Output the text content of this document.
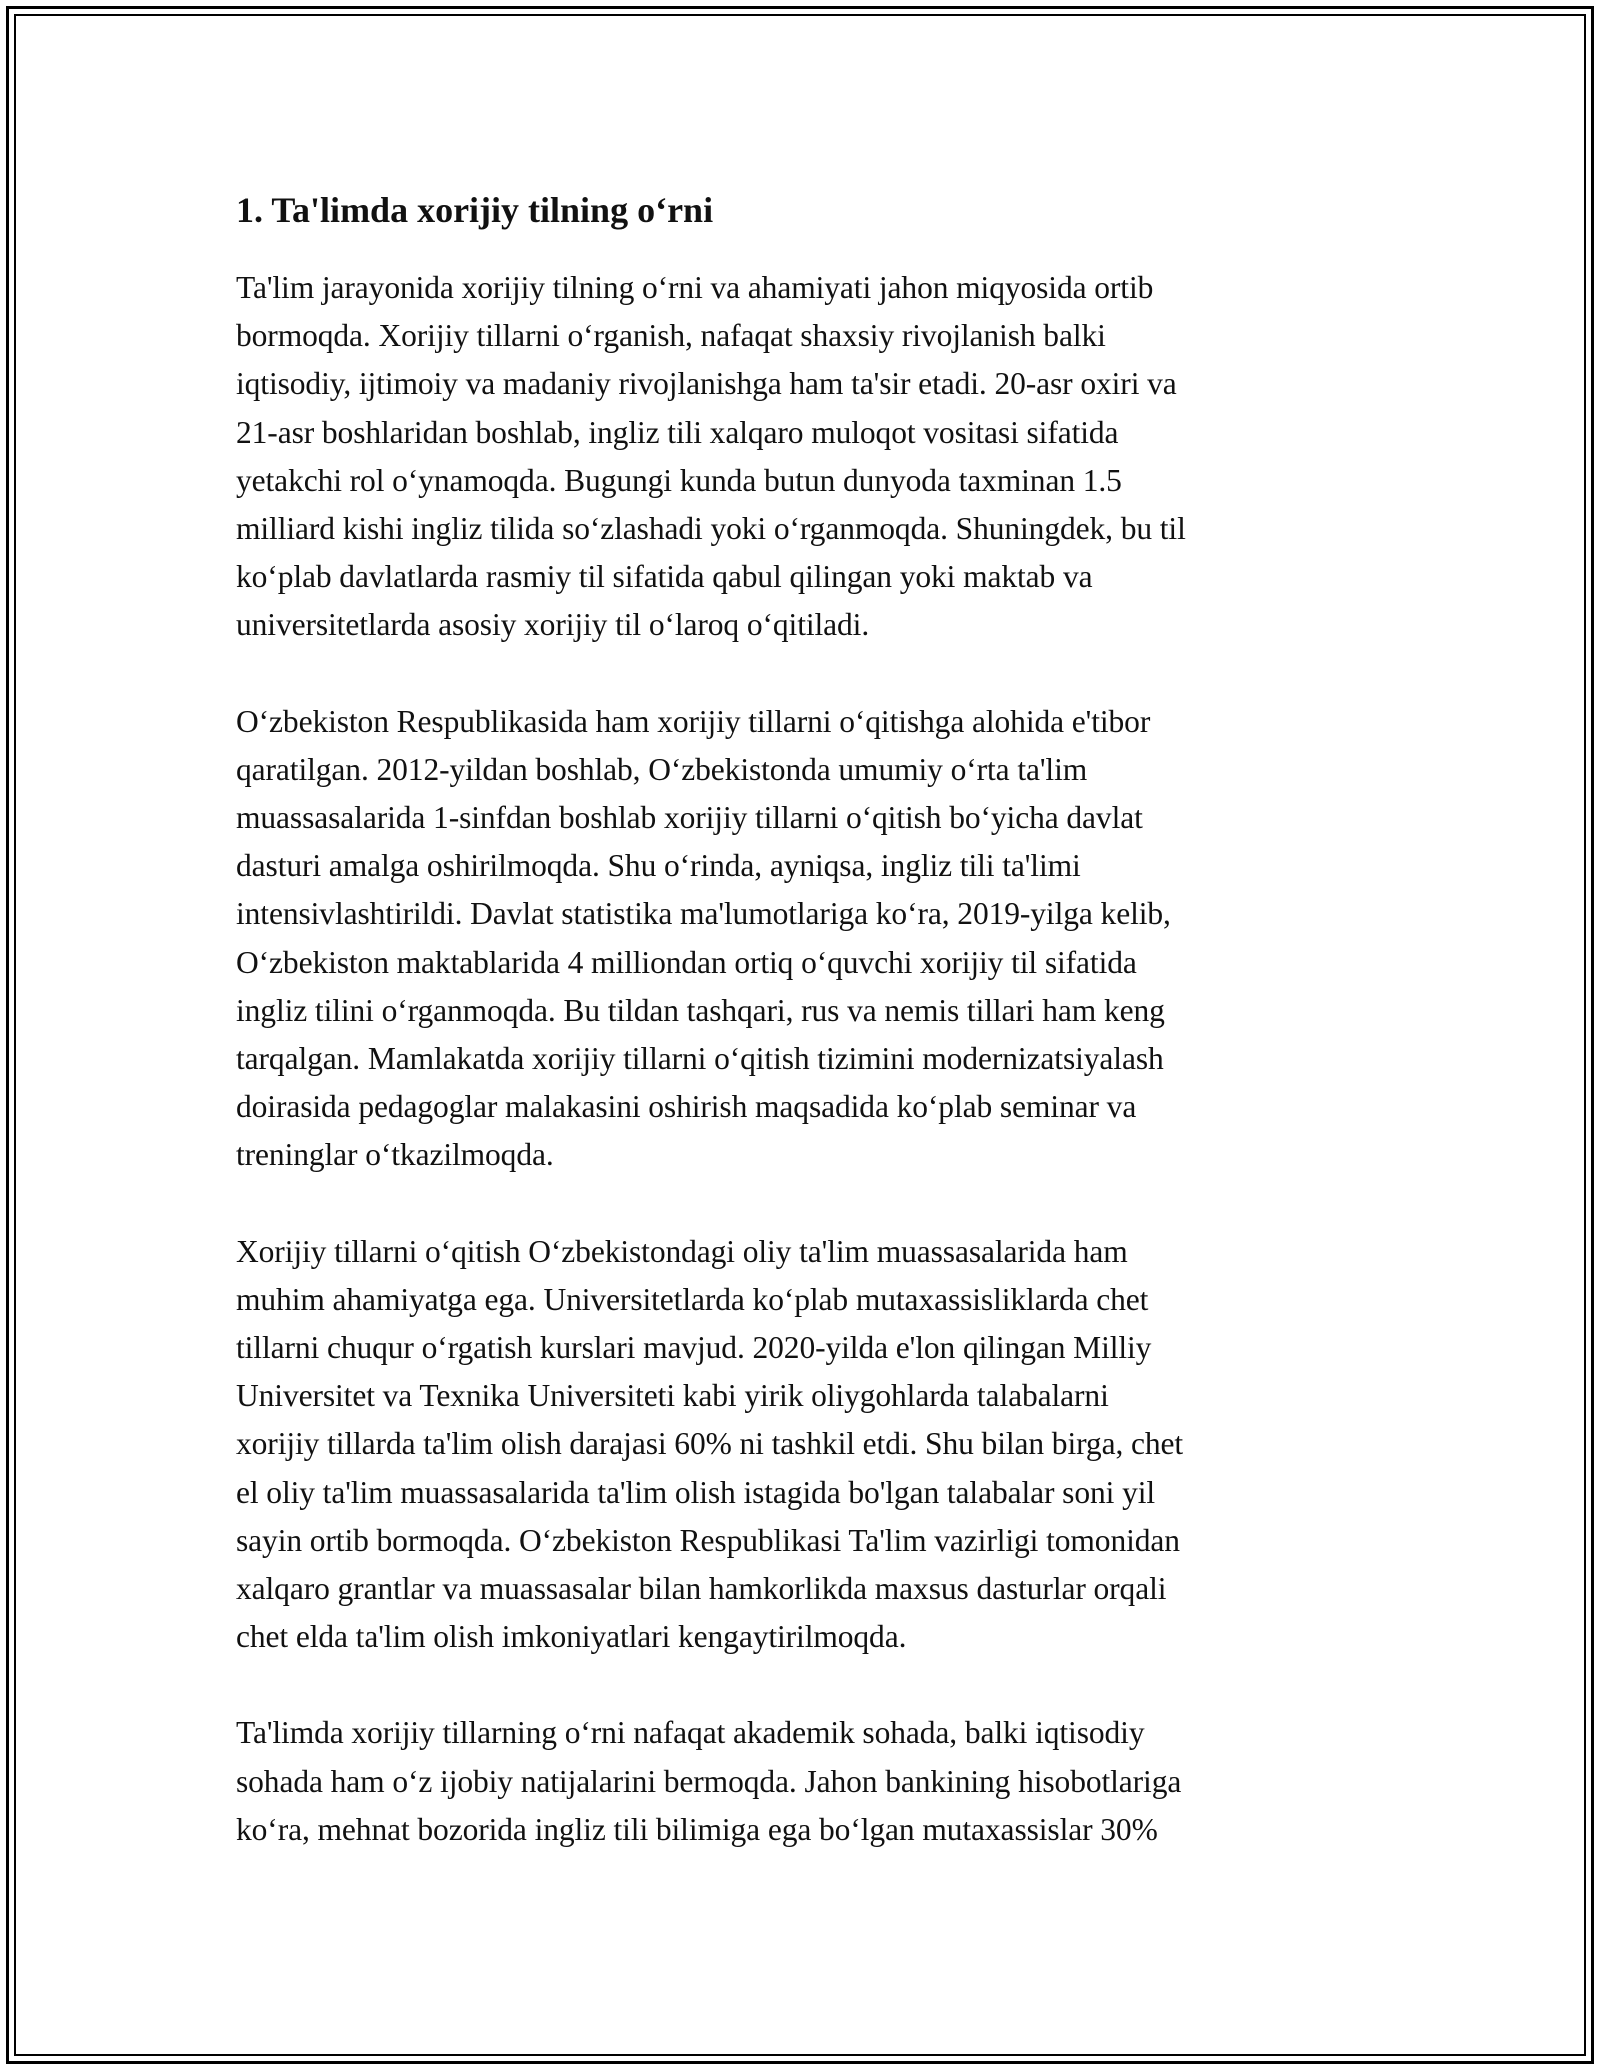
1. Ta'limda xorijiy tilning oʻrni

Ta'lim jarayonida xorijiy tilning oʻrni va ahamiyati jahon miqyosida ortib
bormoqda. Xorijiy tillarni oʻrganish, nafaqat shaxsiy rivojlanish balki
iqtisodiy, ijtimoiy va madaniy rivojlanishga ham ta'sir etadi. 20-asr oxiri va
21-asr boshlaridan boshlab, ingliz tili xalqaro muloqot vositasi sifatida
yetakchi rol oʻynamoqda. Bugungi kunda butun dunyoda taxminan 1.5
milliard kishi ingliz tilida soʻzlashadi yoki oʻrganmoqda. Shuningdek, bu til
koʻplab davlatlarda rasmiy til sifatida qabul qilingan yoki maktab va
universitetlarda asosiy xorijiy til oʻlaroq oʻqitiladi.

Oʻzbekiston Respublikasida ham xorijiy tillarni oʻqitishga alohida e'tibor
qaratilgan. 2012-yildan boshlab, Oʻzbekistonda umumiy oʻrta ta'lim
muassasalarida 1-sinfdan boshlab xorijiy tillarni oʻqitish boʻyicha davlat
dasturi amalga oshirilmoqda. Shu oʻrinda, ayniqsa, ingliz tili ta'limi
intensivlashtirildi. Davlat statistika ma'lumotlariga koʻra, 2019-yilga kelib,
Oʻzbekiston maktablarida 4 milliondan ortiq oʻquvchi xorijiy til sifatida
ingliz tilini oʻrganmoqda. Bu tildan tashqari, rus va nemis tillari ham keng
tarqalgan. Mamlakatda xorijiy tillarni oʻqitish tizimini modernizatsiyalash
doirasida pedagoglar malakasini oshirish maqsadida koʻplab seminar va
treninglar oʻtkazilmoqda.

Xorijiy tillarni oʻqitish Oʻzbekistondagi oliy ta'lim muassasalarida ham
muhim ahamiyatga ega. Universitetlarda koʻplab mutaxassisliklarda chet
tillarni chuqur oʻrgatish kurslari mavjud. 2020-yilda e'lon qilingan Milliy
Universitet va Texnika Universiteti kabi yirik oliygohlarda talabalarni
xorijiy tillarda ta'lim olish darajasi 60% ni tashkil etdi. Shu bilan birga, chet
el oliy ta'lim muassasalarida ta'lim olish istagida bo'lgan talabalar soni yil
sayin ortib bormoqda. Oʻzbekiston Respublikasi Ta'lim vazirligi tomonidan
xalqaro grantlar va muassasalar bilan hamkorlikda maxsus dasturlar orqali
chet elda ta'lim olish imkoniyatlari kengaytirilmoqda.

Ta'limda xorijiy tillarning oʻrni nafaqat akademik sohada, balki iqtisodiy
sohada ham oʻz ijobiy natijalarini bermoqda. Jahon bankining hisobotlariga
koʻra, mehnat bozorida ingliz tili bilimiga ega boʻlgan mutaxassislar 30%
